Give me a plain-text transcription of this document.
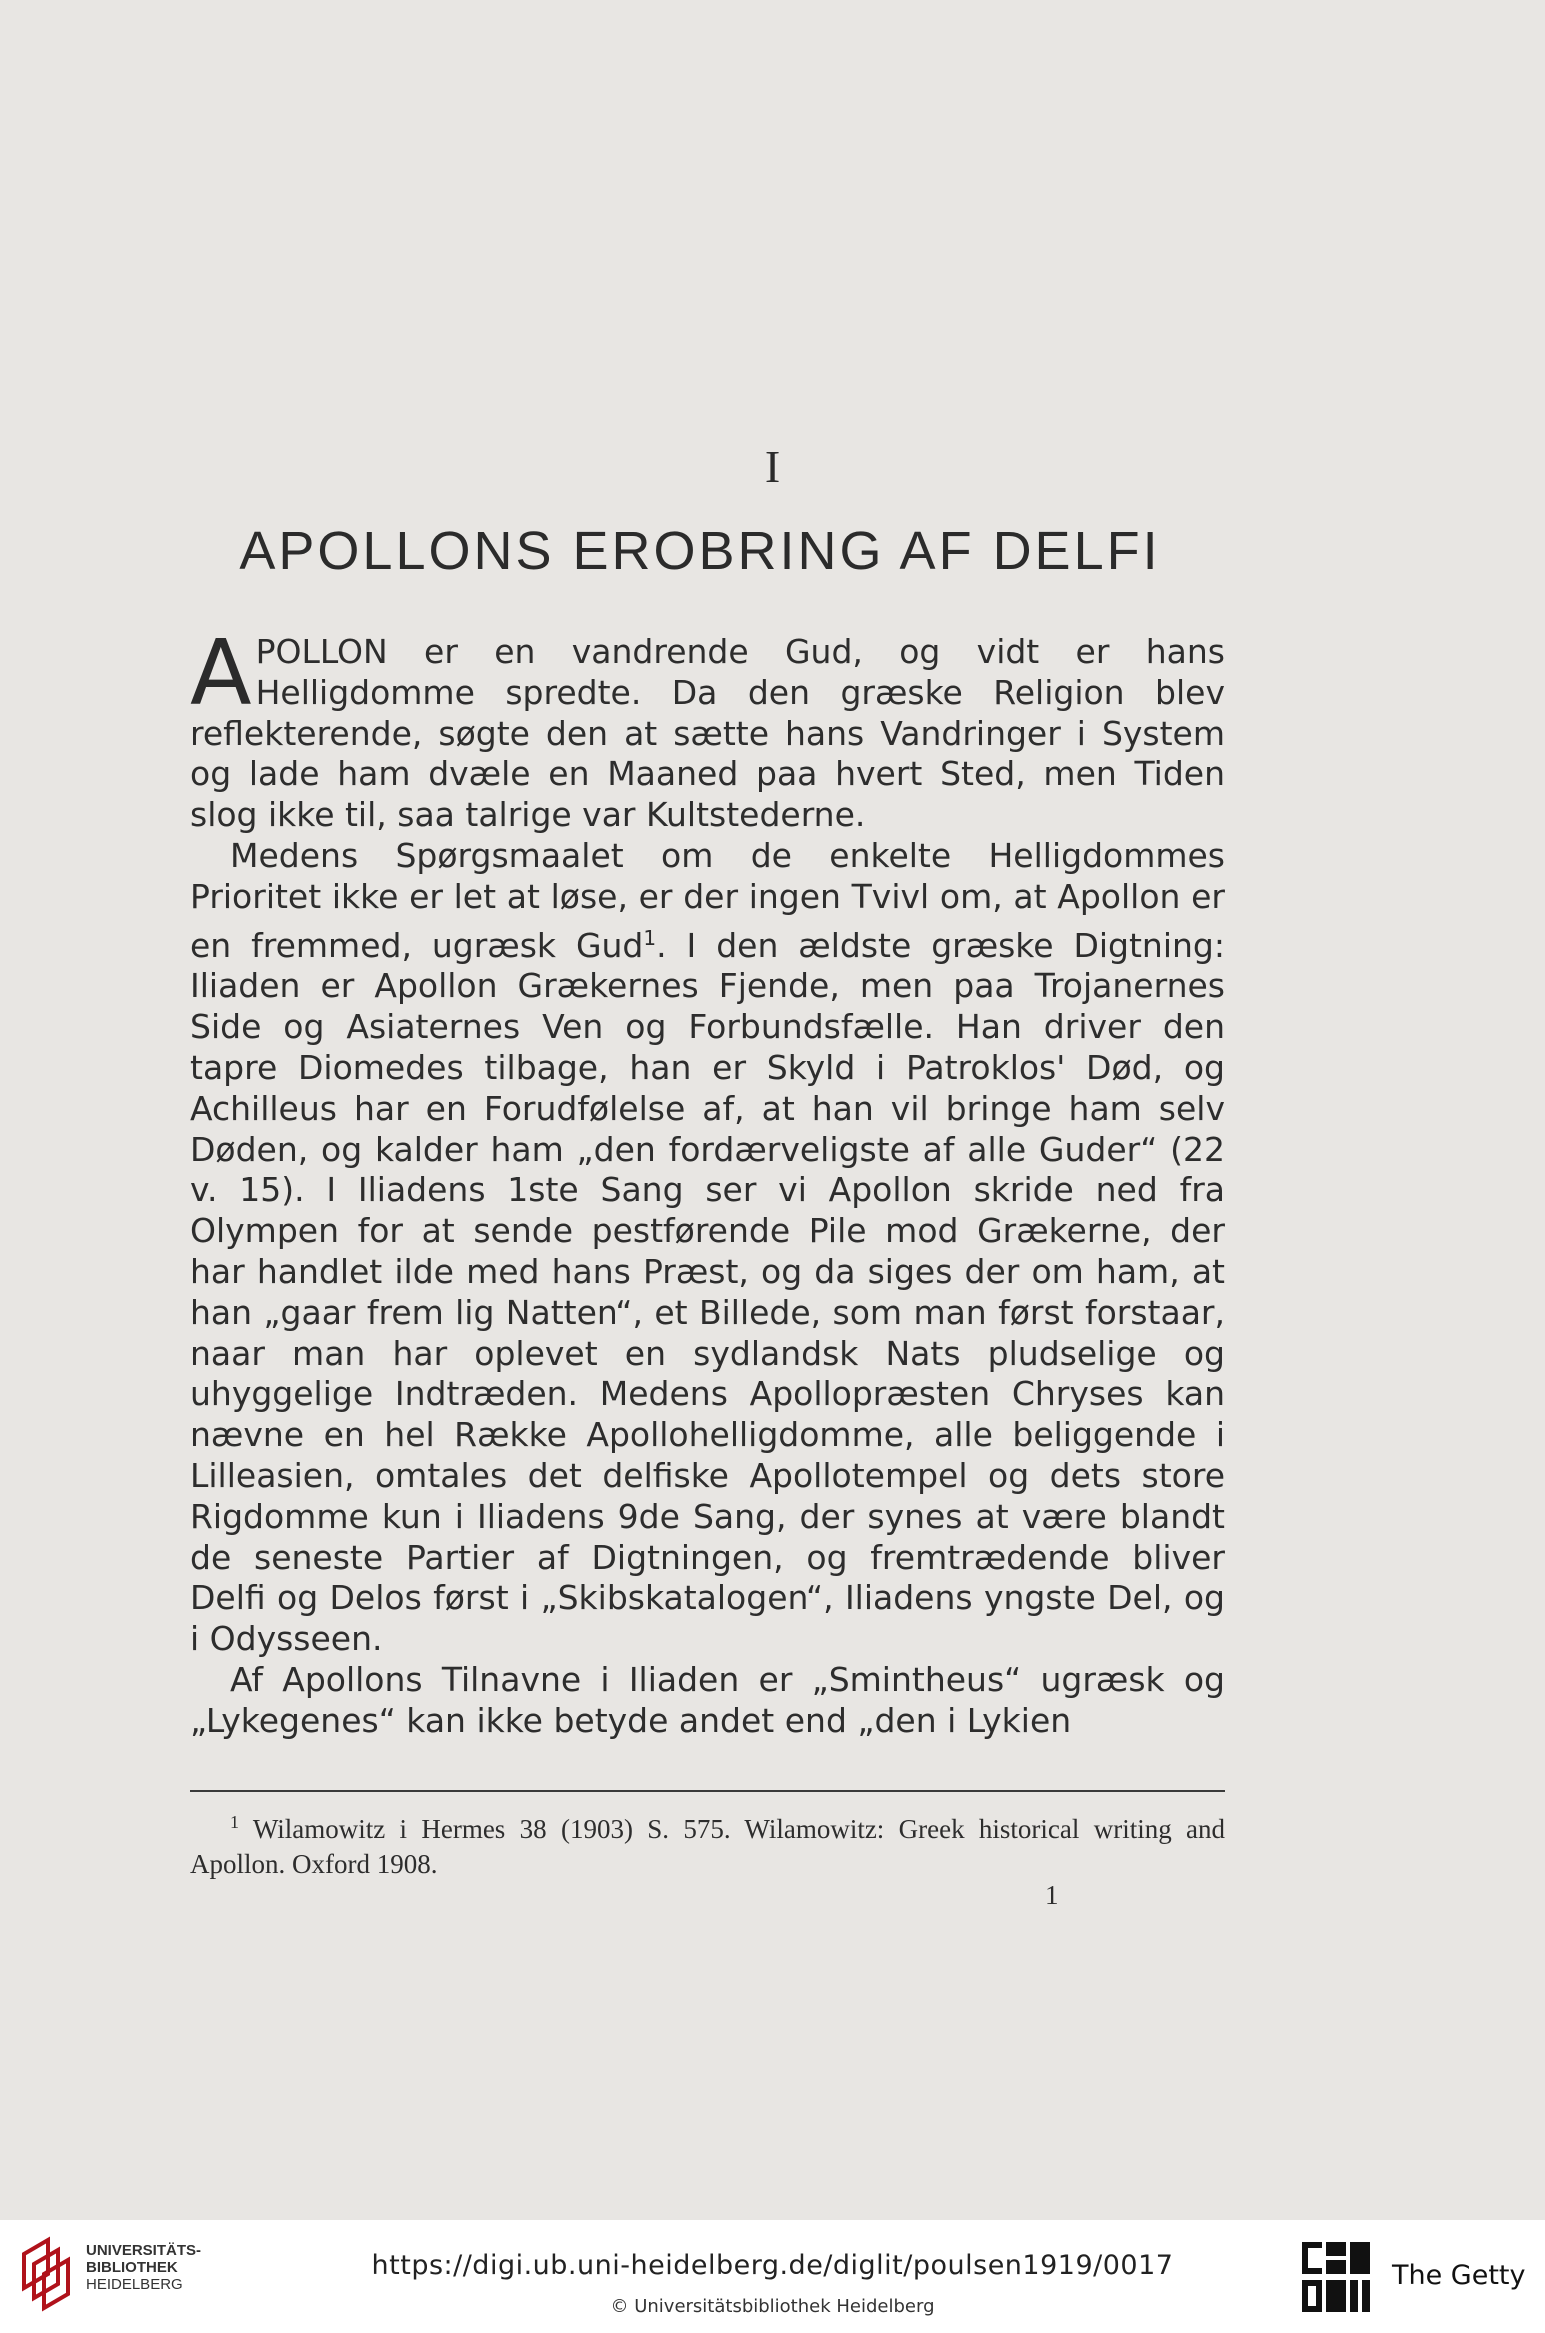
I
APOLLONS EROBRING AF DELFI

APOLLON er en vandrende Gud, og vidt er hans Helligdomme spredte. Da den græske Religion blev reflekterende, søgte den at sætte hans Vandringer i System og lade ham dvæle en Maaned paa hvert Sted, men Tiden slog ikke til, saa talrige var Kultstederne.

Medens Spørgsmaalet om de enkelte Helligdommes Prioritet ikke er let at løse, er der ingen Tvivl om, at Apollon er en fremmed, ugræsk Gud$^1$. I den ældste græske Digtning: Iliaden er Apollon Grækernes Fjende, men paa Trojanernes Side og Asiaternes Ven og Forbundsfælle. Han driver den tapre Diomedes tilbage, han er Skyld i Patroklos' Død, og Achilleus har en Forudfølelse af, at han vil bringe ham selv Døden, og kalder ham „den fordærveligste af alle Guder“ (22 v. 15). I Iliadens 1ste Sang ser vi Apollon skride ned fra Olympen for at sende pestførende Pile mod Grækerne, der har handlet ilde med hans Præst, og da siges der om ham, at han „gaar frem lig Natten“, et Billede, som man først forstaar, naar man har oplevet en sydlandsk Nats pludselige og uhyggelige Indtræden. Medens Apollopræsten Chryses kan nævne en hel Række Apollohelligdomme, alle beliggende i Lilleasien, omtales det delfiske Apollotempel og dets store Rigdomme kun i Iliadens 9de Sang, der synes at være blandt de seneste Partier af Digtningen, og fremtrædende bliver Delfi og Delos først i „Skibskatalogen“, Iliadens yngste Del, og i Odysseen.

Af Apollons Tilnavne i Iliaden er „Smintheus“ ugræsk og „Lykegenes“ kan ikke betyde andet end „den i Lykien

$^1$ Wilamowitz i Hermes 38 (1903) S. 575. Wilamowitz: Greek historical writing and Apollon. Oxford 1908.
1
UNIVERSITÄTS-
BIBLIOTHEK
HEIDELBERG
https://digi.ub.uni-heidelberg.de/diglit/poulsen1919/0017
© Universitätsbibliothek Heidelberg
The Getty
